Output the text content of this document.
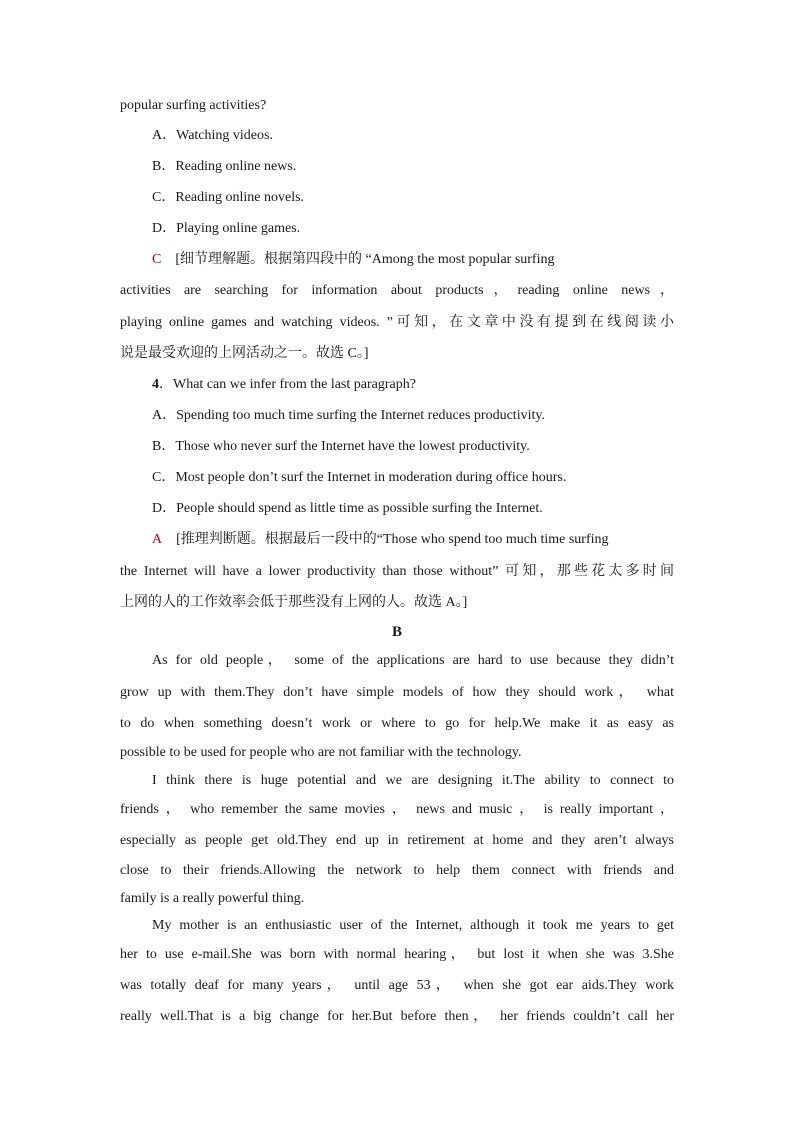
popular surfing activities?
A．Watching videos.
B．Reading online news.
C．Reading online novels.
D．Playing online games.
C [细节理解题。根据第四段中的 “Among the most popular surfing
activities are searching for information about products，reading online news，
playing online games and watching videos. ”可知，在文章中没有提到在线阅读小
说是最受欢迎的上网活动之一。故选 C。]
4．What can we infer from the last paragraph?
A．Spending too much time surfing the Internet reduces productivity.
B．Those who never surf the Internet have the lowest productivity.
C．Most people don’t surf the Internet in moderation during office hours.
D．People should spend as little time as possible surfing the Internet.
A [推理判断题。根据最后一段中的“Those who spend too much time surfing
the Internet will have a lower productivity than those without” 可知，那些花太多时间
上网的人的工作效率会低于那些没有上网的人。故选 A。]
B
As for old people， some of the applications are hard to use because they didn’t
grow up with them.They don’t have simple models of how they should work， what
to do when something doesn’t work or where to go for help.We make it as easy as
possible to be used for people who are not familiar with the technology.
I think there is huge potential and we are designing it.The ability to connect to
friends ， who remember the same movies ， news and music ， is really important ，
especially as people get old.They end up in retirement at home and they aren’t always
close to their friends.Allowing the network to help them connect with friends and
family is a really powerful thing.
My mother is an enthusiastic user of the Internet, although it took me years to get
her to use e-mail.She was born with normal hearing， but lost it when she was 3.She
was totally deaf for many years， until age 53， when she got ear aids.They work
really well.That is a big change for her.But before then， her friends couldn’t call her
